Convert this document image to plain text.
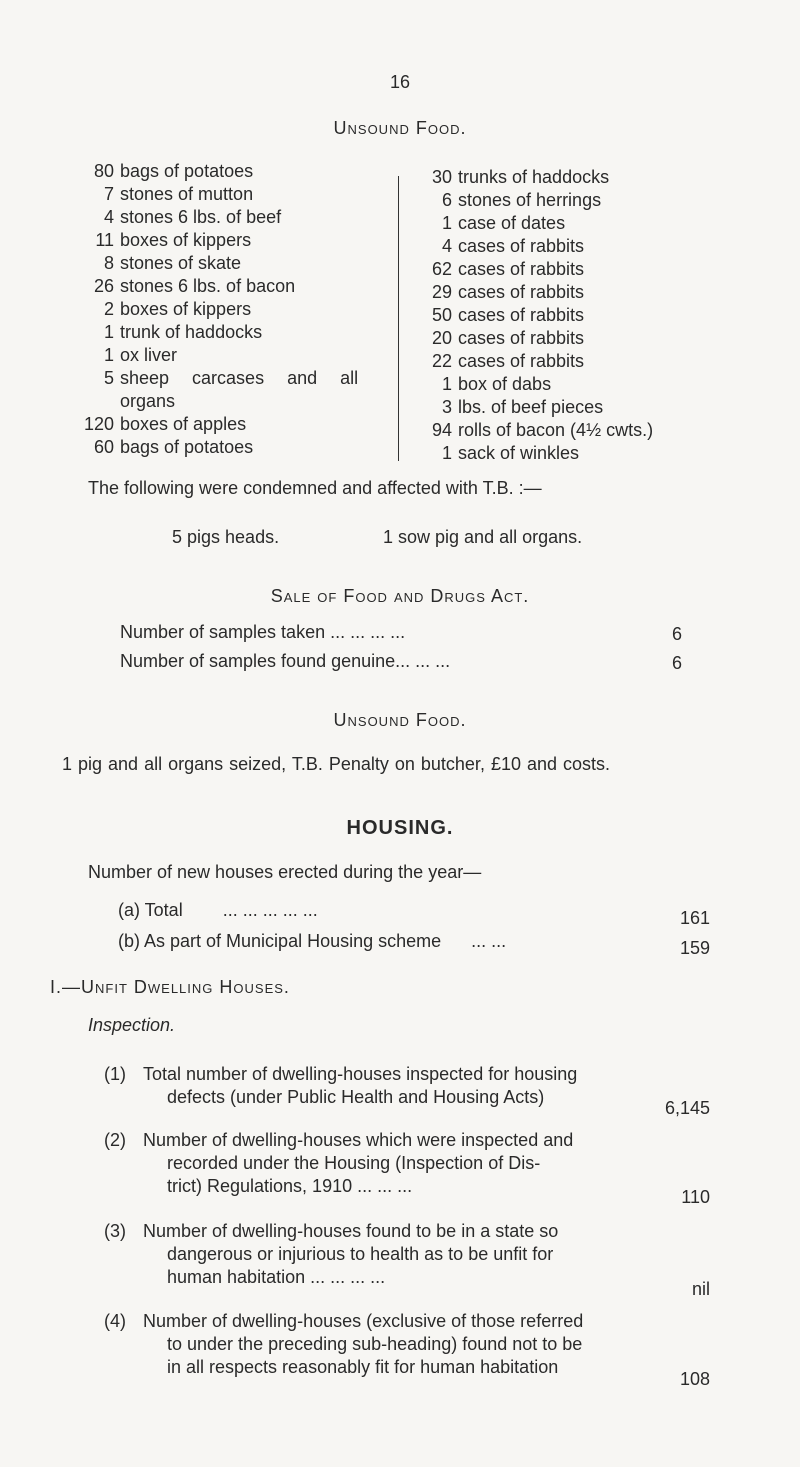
16
Unsound Food.
80 bags of potatoes
7 stones of mutton
4 stones 6 lbs. of beef
11 boxes of kippers
8 stones of skate
26 stones 6 lbs. of bacon
2 boxes of kippers
1 trunk of haddocks
1 ox liver
5 sheep carcases and all
organs
120 boxes of apples
60 bags of potatoes
30 trunks of haddocks
6 stones of herrings
1 case of dates
4 cases of rabbits
62 cases of rabbits
29 cases of rabbits
50 cases of rabbits
20 cases of rabbits
22 cases of rabbits
1 box of dabs
3 lbs. of beef pieces
94 rolls of bacon (4½ cwts.)
1 sack of winkles
The following were condemned and affected with T.B. :—
5 pigs heads.	1 sow pig and all organs.
Sale of Food and Drugs Act.
Number of samples taken ... ... ... ...	6
Number of samples found genuine... ... ...	6
Unsound Food.
1 pig and all organs seized, T.B. Penalty on butcher, £10 and costs.
HOUSING.
Number of new houses erected during the year—
(a) Total ... ... ... ... ...	161
(b) As part of Municipal Housing scheme ... ...	159
I.—Unfit Dwelling Houses.
Inspection.
(1) Total number of dwelling-houses inspected for housing
defects (under Public Health and Housing Acts)
6,145
(2) Number of dwelling-houses which were inspected and
recorded under the Housing (Inspection of Dis-
trict) Regulations, 1910 ... ... ...
110
(3) Number of dwelling-houses found to be in a state so
dangerous or injurious to health as to be unfit for
human habitation ... ... ... ...
nil
(4) Number of dwelling-houses (exclusive of those referred
to under the preceding sub-heading) found not to be
in all respects reasonably fit for human habitation
108
